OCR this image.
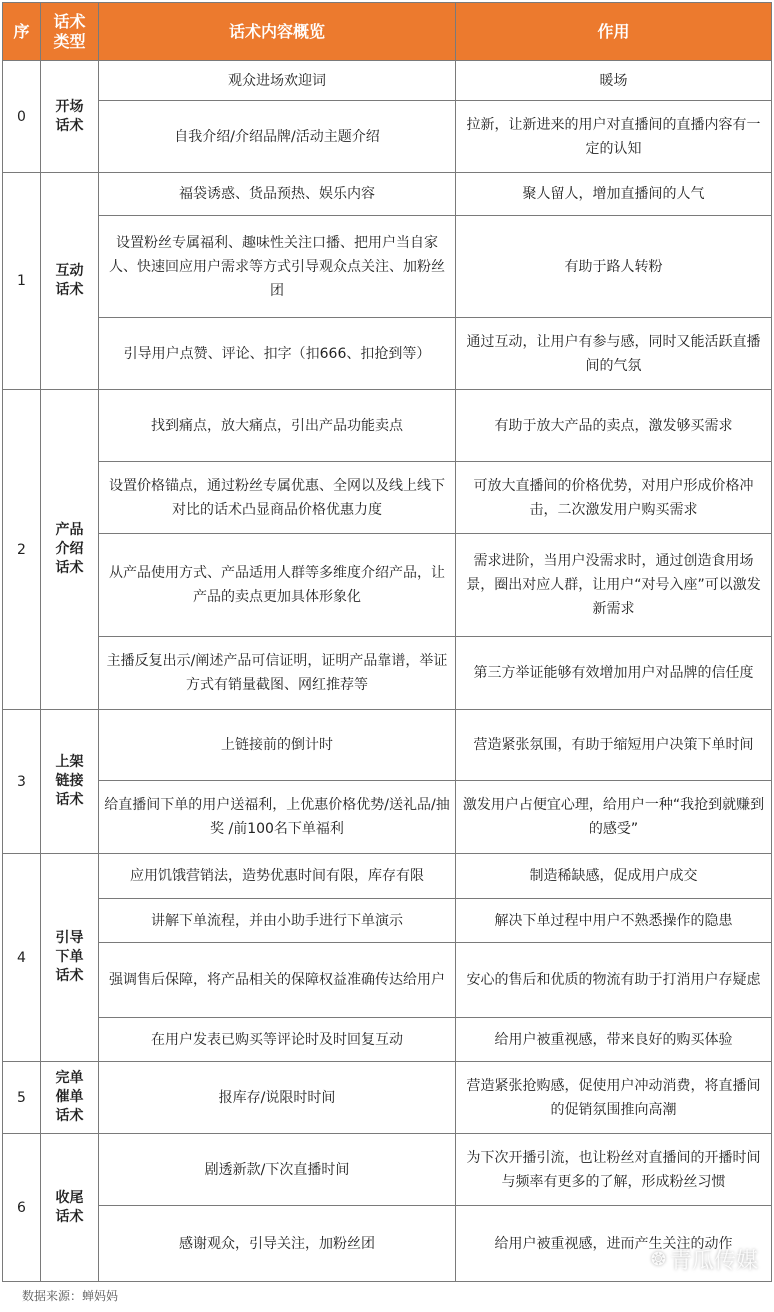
序	话术类型	话术内容概览	作用
0	开场话术	观众进场欢迎词	暖场
		自我介绍/介绍品牌/活动主题介绍	拉新，让新进来的用户对直播间的直播内容有一定的认知
1	互动话术	福袋诱惑、货品预热、娱乐内容	聚人留人，增加直播间的人气
		设置粉丝专属福利、趣味性关注口播、把用户当自家人、快速回应用户需求等方式引导观众点关注、加粉丝团	有助于路人转粉
		引导用户点赞、评论、扣字（扣666、扣抢到等）	通过互动，让用户有参与感，同时又能活跃直播间的气氛
2	产品介绍话术	找到痛点，放大痛点，引出产品功能卖点	有助于放大产品的卖点，激发够买需求
		设置价格锚点，通过粉丝专属优惠、全网以及线上线下对比的话术凸显商品价格优惠力度	可放大直播间的价格优势，对用户形成价格冲击，二次激发用户购买需求
		从产品使用方式、产品适用人群等多维度介绍产品，让产品的卖点更加具体形象化	需求进阶，当用户没需求时，通过创造食用场景，圈出对应人群，让用户“对号入座”可以激发新需求
		主播反复出示/阐述产品可信证明，证明产品靠谱，举证方式有销量截图、网红推荐等	第三方举证能够有效增加用户对品牌的信任度
3	上架链接话术	上链接前的倒计时	营造紧张氛围，有助于缩短用户决策下单时间
		给直播间下单的用户送福利，上优惠价格优势/送礼品/抽奖 /前100名下单福利	激发用户占便宜心理，给用户一种“我抢到就赚到的感受”
4	引导下单话术	应用饥饿营销法，造势优惠时间有限，库存有限	制造稀缺感，促成用户成交
		讲解下单流程，并由小助手进行下单演示	解决下单过程中用户不熟悉操作的隐患
		强调售后保障，将产品相关的保障权益准确传达给用户	安心的售后和优质的物流有助于打消用户存疑虑
		在用户发表已购买等评论时及时回复互动	给用户被重视感，带来良好的购买体验
5	完单催单话术	报库存/说限时时间	营造紧张抢购感，促使用户冲动消费，将直播间的促销氛围推向高潮
6	收尾话术	剧透新款/下次直播时间	为下次开播引流，也让粉丝对直播间的开播时间与频率有更多的了解，形成粉丝习惯
		感谢观众，引导关注，加粉丝团	给用户被重视感，进而产生关注的动作
❂ 青瓜传媒
数据来源：蝉妈妈
